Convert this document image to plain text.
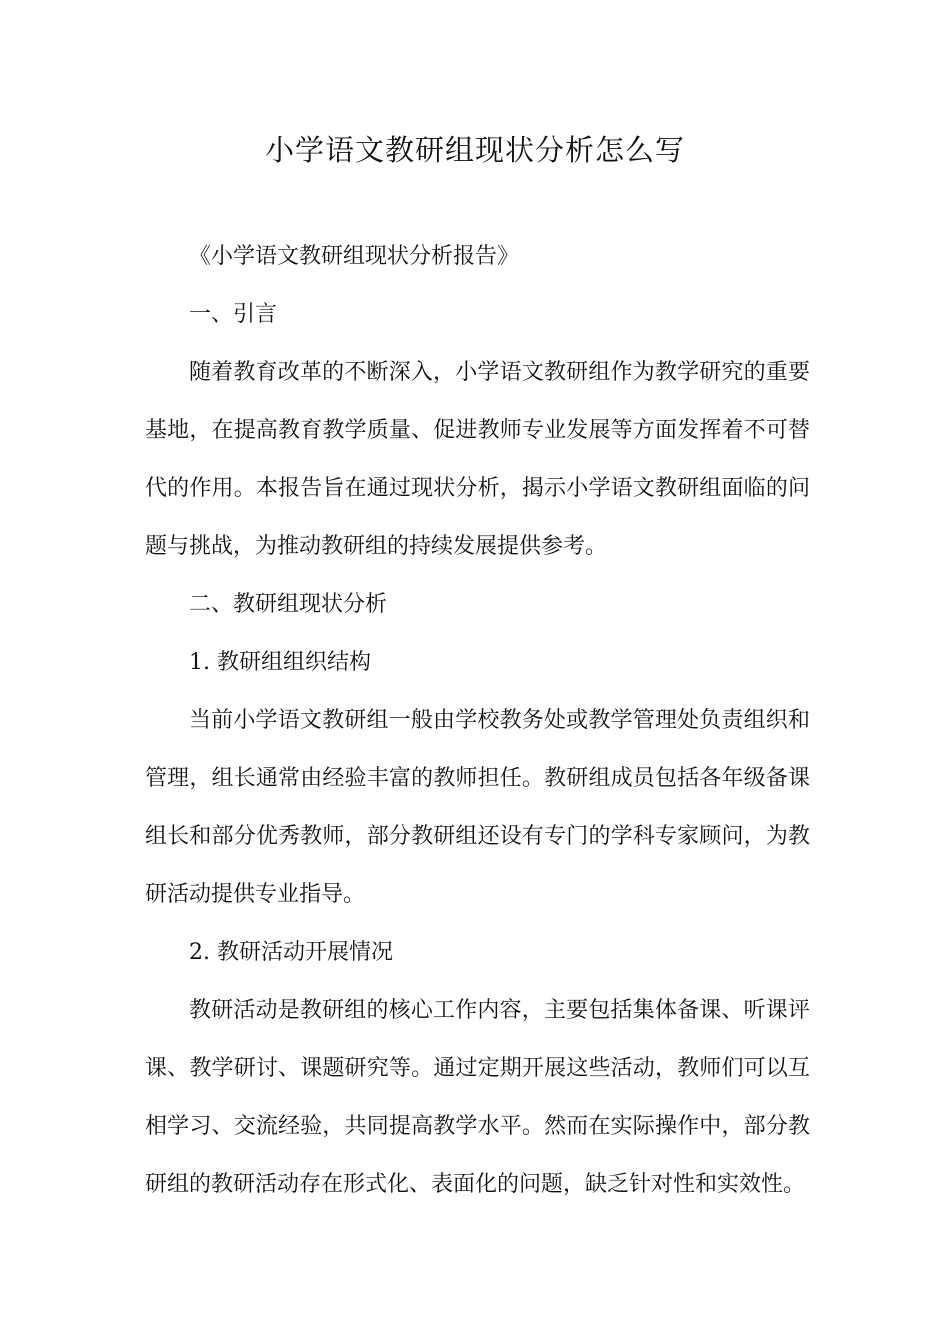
小学语文教研组现状分析怎么写

《小学语文教研组现状分析报告》

一、引言

随着教育改革的不断深入，小学语文教研组作为教学研究的重要基地，在提高教育教学质量、促进教师专业发展等方面发挥着不可替代的作用。本报告旨在通过现状分析，揭示小学语文教研组面临的问题与挑战，为推动教研组的持续发展提供参考。

二、教研组现状分析

1. 教研组组织结构

当前小学语文教研组一般由学校教务处或教学管理处负责组织和管理，组长通常由经验丰富的教师担任。教研组成员包括各年级备课组长和部分优秀教师，部分教研组还设有专门的学科专家顾问，为教研活动提供专业指导。

2. 教研活动开展情况

教研活动是教研组的核心工作内容，主要包括集体备课、听课评课、教学研讨、课题研究等。通过定期开展这些活动，教师们可以互相学习、交流经验，共同提高教学水平。然而在实际操作中，部分教研组的教研活动存在形式化、表面化的问题，缺乏针对性和实效性。
